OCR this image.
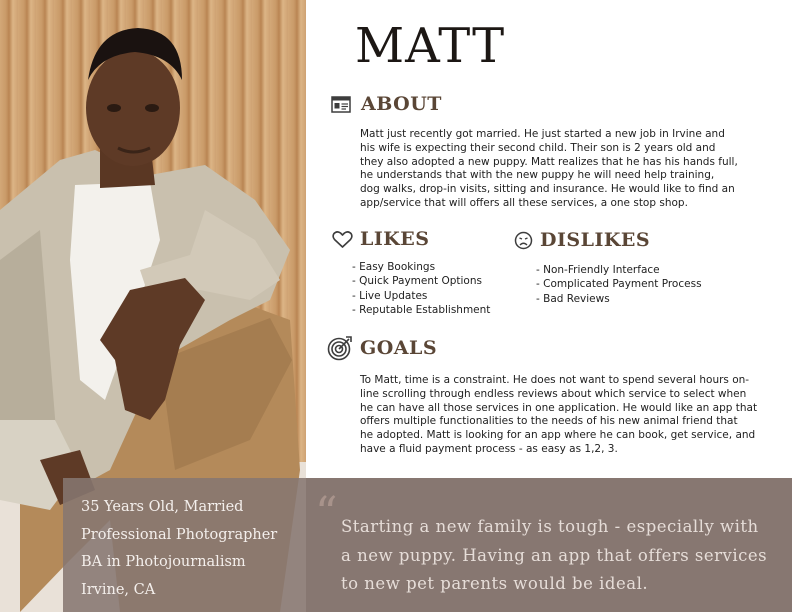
MATT
ABOUT
Matt just recently got married. He just started a new job in Irvine and
his wife is expecting their second child. Their son is 2 years old and
they also adopted a new puppy. Matt realizes that he has his hands full,
he understands that with the new puppy he will need help training,
dog walks, drop-in visits, sitting and insurance. He would like to find an
app/service that will offers all these services, a one stop shop.
LIKES
- Easy Bookings
- Quick Payment Options
- Live Updates
- Reputable Establishment
DISLIKES
- Non-Friendly Interface
- Complicated Payment Process
- Bad Reviews
GOALS
To Matt, time is a constraint. He does not want to spend several hours on-
line scrolling through endless reviews about which service to select when
he can have all those services in one application. He would like an app that
offers multiple functionalities to the needs of his new animal friend that
he adopted. Matt is looking for an app where he can book, get service, and
have a fluid payment process - as easy as 1,2, 3.
35 Years Old, Married
Professional Photographer
BA in Photojournalism
Irvine, CA
“ Starting a new family is tough - especially with
a new puppy. Having an app that offers services
to new pet parents would be ideal.
